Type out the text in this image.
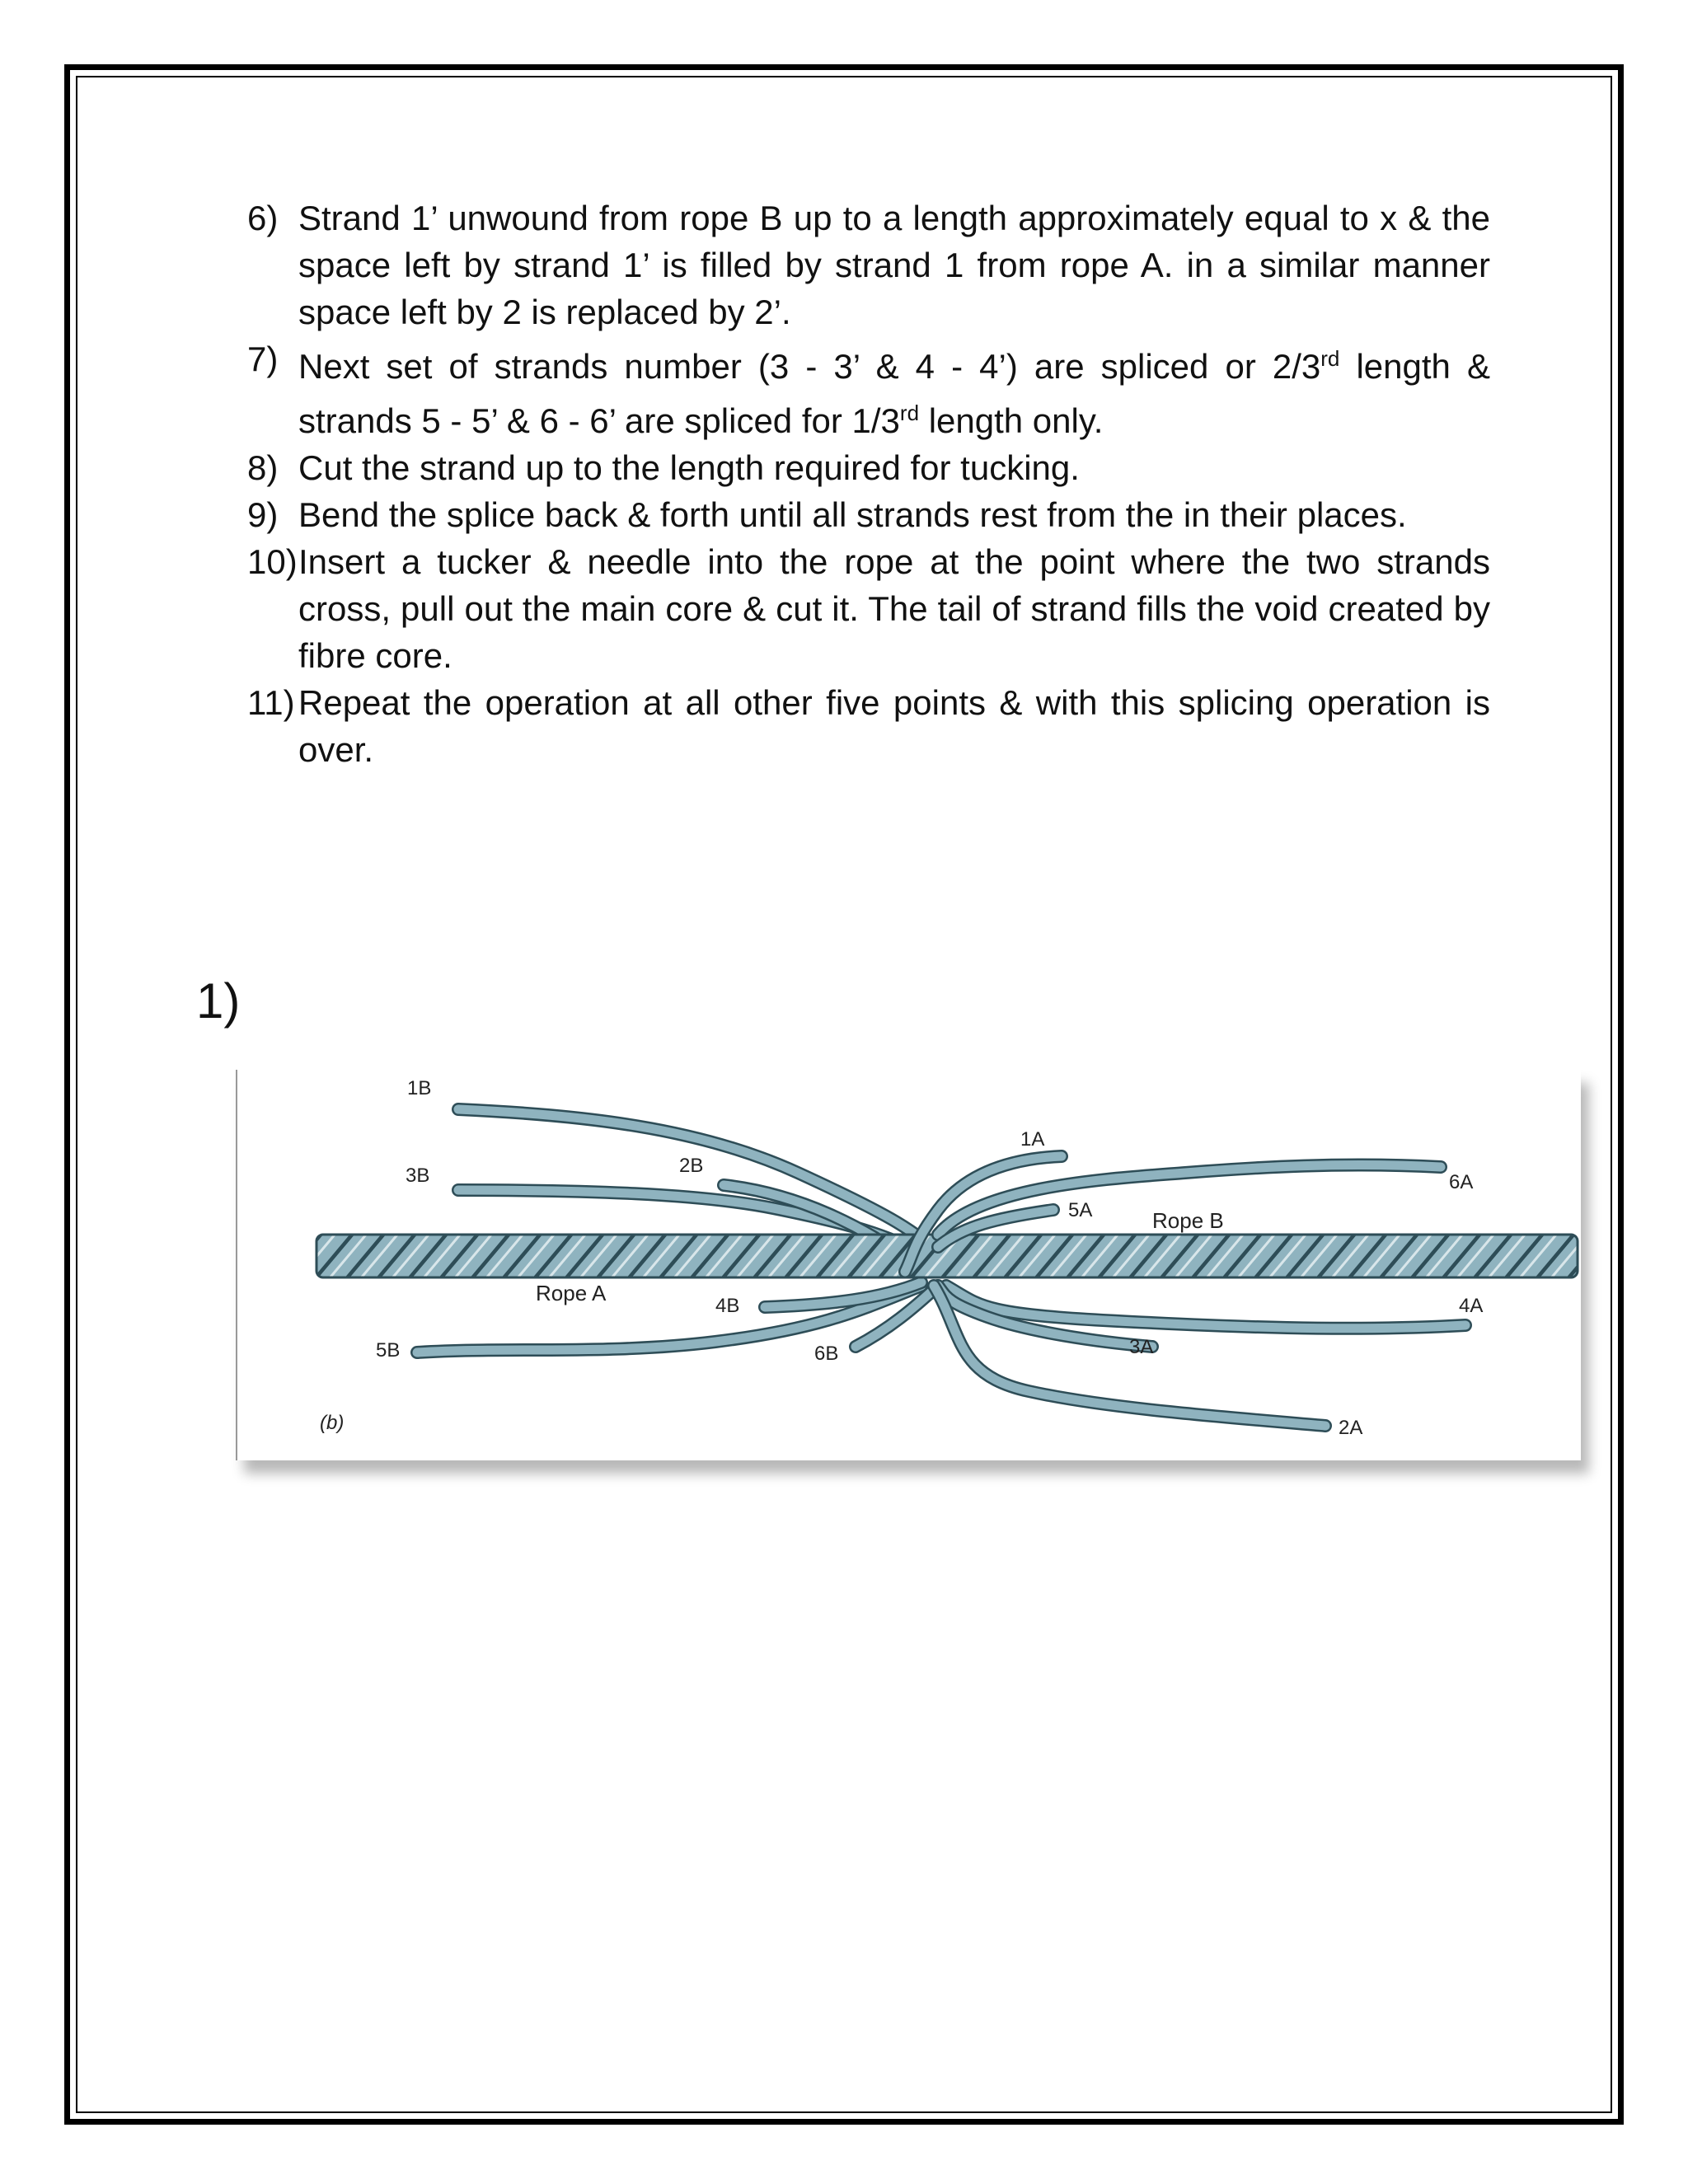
6) Strand 1’ unwound from rope B up to a length approximately equal to x & the space left by strand 1’ is filled by strand 1 from rope A. in a similar manner space left by 2 is replaced by 2’.
7) Next set of strands number (3 - 3’ & 4 - 4’) are spliced or 2/3rd length & strands 5 - 5’ & 6 - 6’ are spliced for 1/3rd length only.
8) Cut the strand up to the length required for tucking.
9) Bend the splice back & forth until all strands rest from the in their places.
10) Insert a tucker & needle into the rope at the point where the two strands cross, pull out the main core & cut it. The tail of strand fills the void created by fibre core.
11) Repeat the operation at all other five points & with this splicing operation is over.
1)
1B
3B	2B
4B
5B	6B
1A
5A
6A
4A
3A
2A
Rope A
Rope B
(b)
